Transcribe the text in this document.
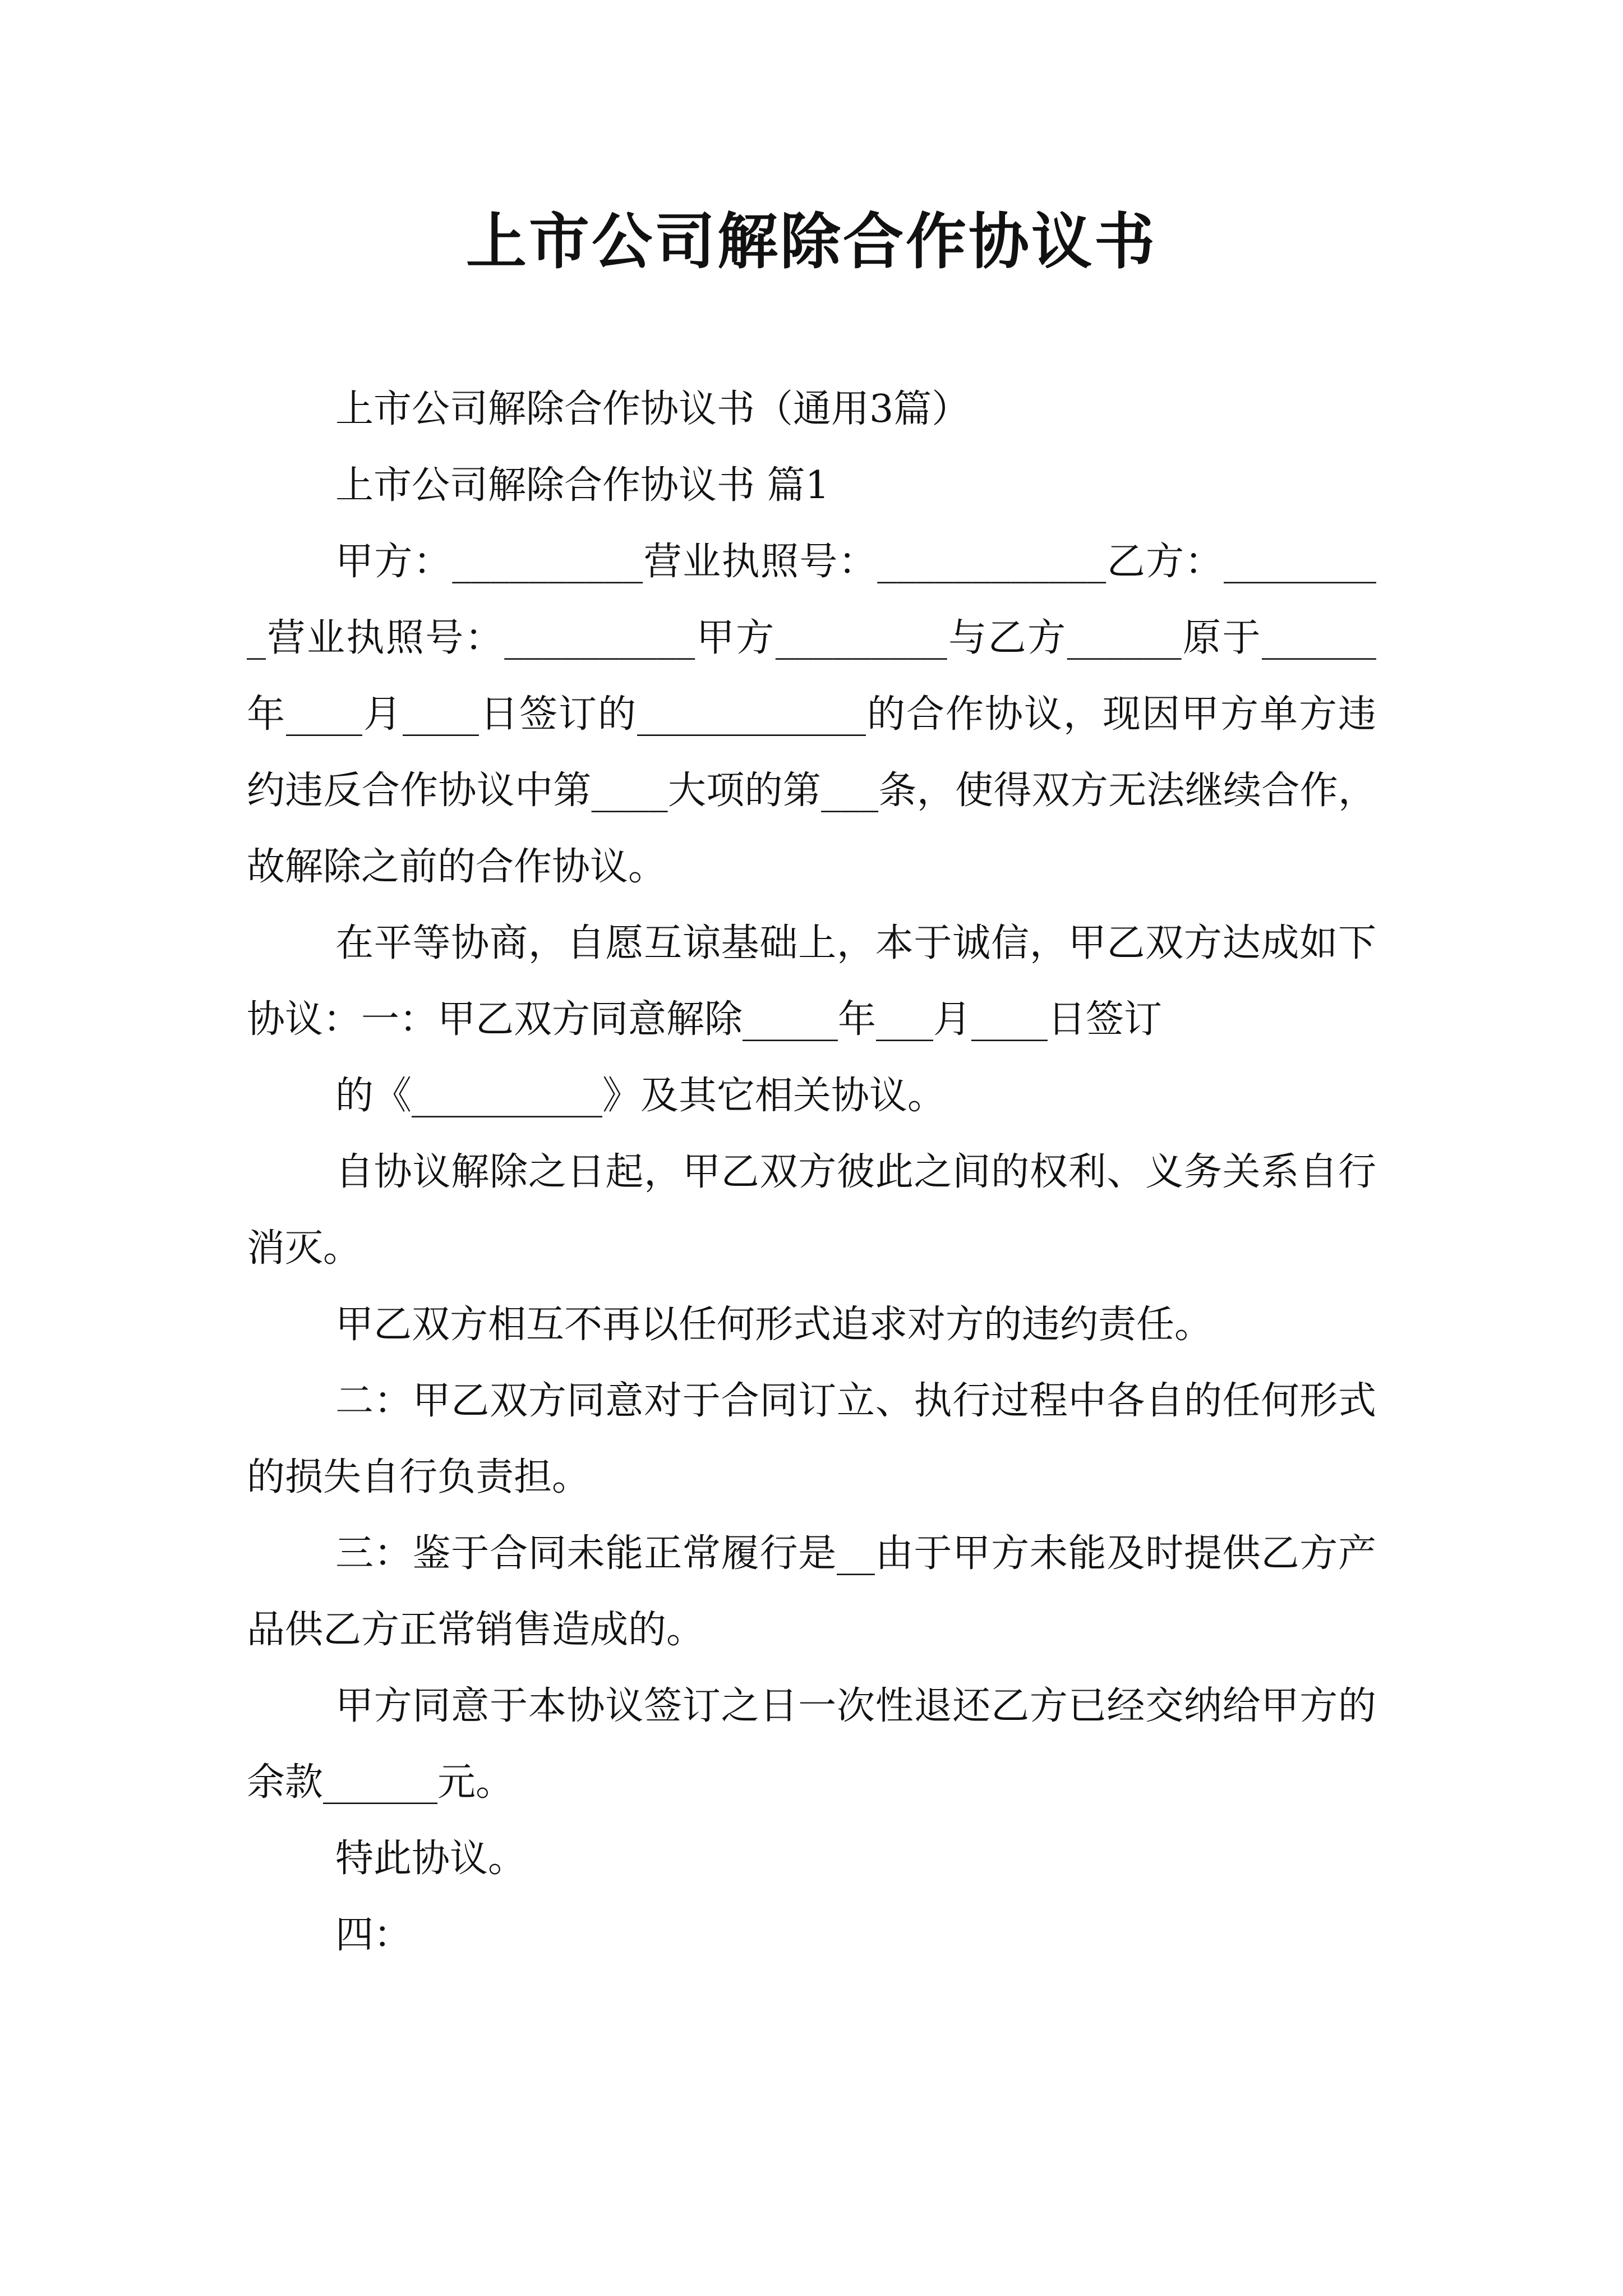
上市公司解除合作协议书

上市公司解除合作协议书（通用3篇）

上市公司解除合作协议书 篇1

甲方：__________营业执照号：____________乙方：_________营业执照号：__________甲方_________与乙方______原于______年____月____日签订的____________的合作协议，现因甲方单方违约违反合作协议中第____大项的第___条，使得双方无法继续合作，故解除之前的合作协议。

在平等协商，自愿互谅基础上，本于诚信，甲乙双方达成如下协议：一：甲乙双方同意解除_____年___月____日签订

的《__________》及其它相关协议。

自协议解除之日起，甲乙双方彼此之间的权利、义务关系自行消灭。

甲乙双方相互不再以任何形式追求对方的违约责任。

二：甲乙双方同意对于合同订立、执行过程中各自的任何形式的损失自行负责担。

三：鉴于合同未能正常履行是__由于甲方未能及时提供乙方产品供乙方正常销售造成的。

甲方同意于本协议签订之日一次性退还乙方已经交纳给甲方的余款______元。

特此协议。

四：
